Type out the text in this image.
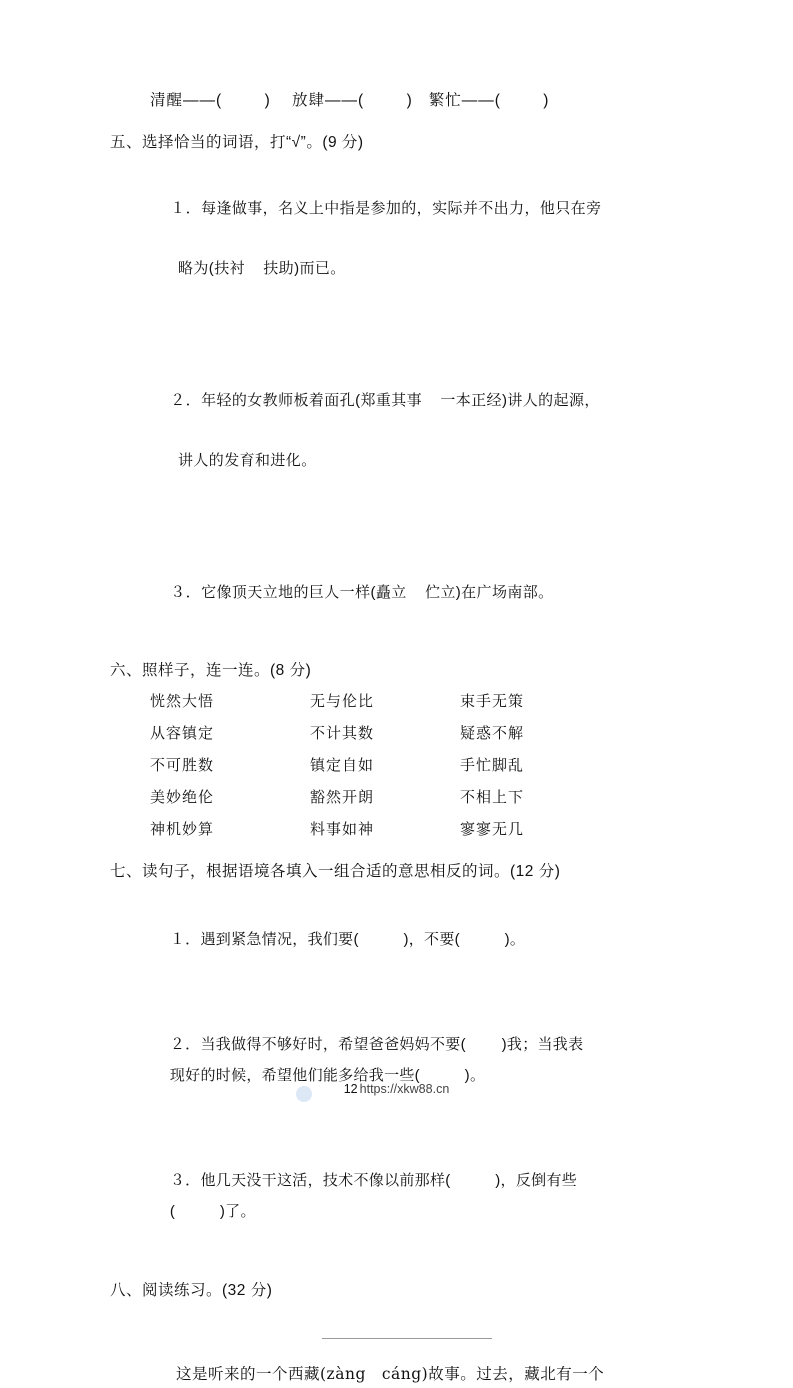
清醒——(        )    放肆——(        )   繁忙——(        )
五、选择恰当的词语，打“√”。(9 分)

１．每逢做事，名义上中指是参加的，实际并不出力，他只在旁

略为(扶衬    扶助)而已。

２．年轻的女教师板着面孔(郑重其事    一本正经)讲人的起源，

讲人的发育和进化。

３．它像顶天立地的巨人一样(矗立    伫立)在广场南部。

六、照样子，连一连。(8 分)
恍然大悟	无与伦比	束手无策
从容镇定	不计其数	疑惑不解
不可胜数	镇定自如	手忙脚乱
美妙绝伦	豁然开朗	不相上下
神机妙算	料事如神	寥寥无几
七、读句子，根据语境各填入一组合适的意思相反的词。(12 分)

１．遇到紧急情况，我们要(          )，不要(          )。

２．当我做得不够好时，希望爸爸妈妈不要(        )我；当我表
现好的时候，希望他们能多给我一些(          )。

３．他几天没干这活，技术不像以前那样(          )，反倒有些
(          )了。

八、阅读练习。(32 分)
这是听来的一个西藏(zàng　cáng)故事。过去，藏北有一个
12 https://xkw88.cn
